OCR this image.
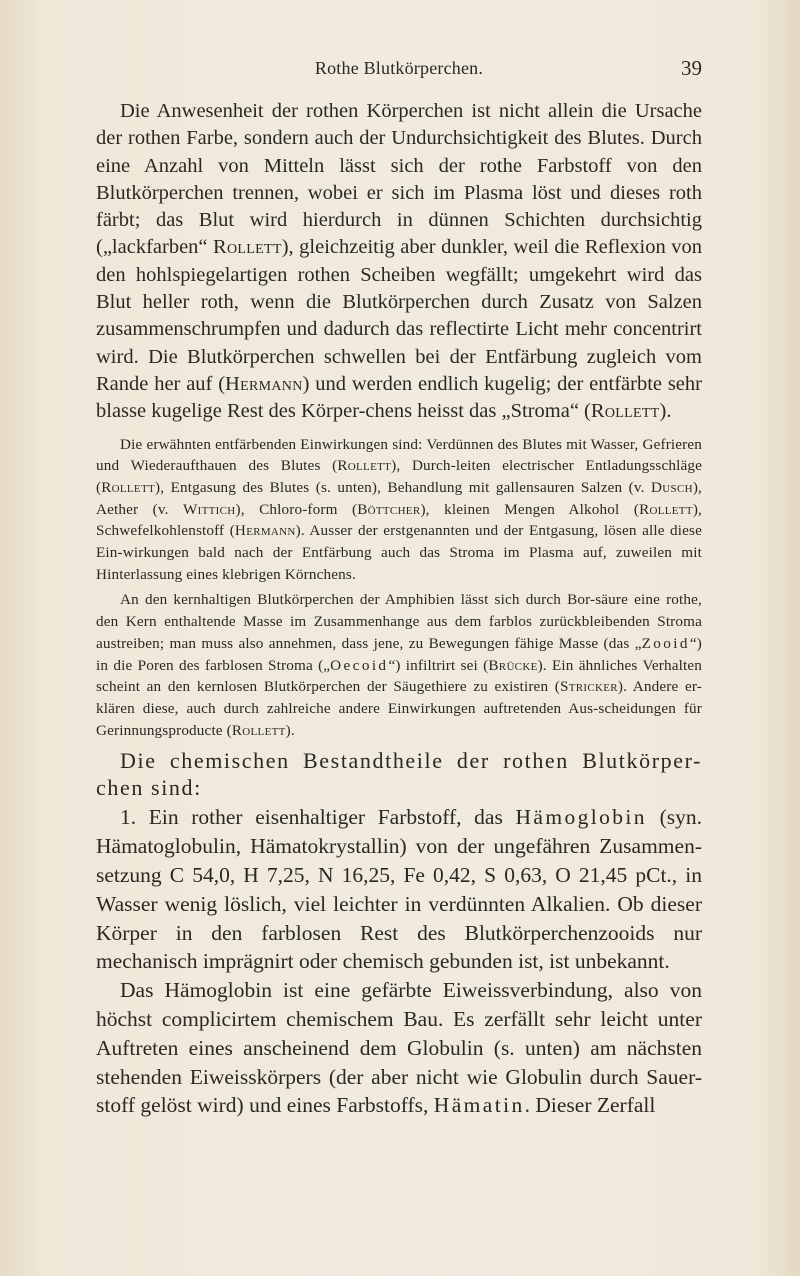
Rothe Blutkörperchen.	39

Die Anwesenheit der rothen Körperchen ist nicht allein die Ursache der rothen Farbe, sondern auch der Undurchsichtigkeit des Blutes. Durch eine Anzahl von Mitteln lässt sich der rothe Farbstoff von den Blutkörperchen trennen, wobei er sich im Plasma löst und dieses roth färbt; das Blut wird hierdurch in dünnen Schichten durchsichtig („lackfarben“ Rollett), gleichzeitig aber dunkler, weil die Reflexion von den hohlspiegelartigen rothen Scheiben wegfällt; umgekehrt wird das Blut heller roth, wenn die Blutkörperchen durch Zusatz von Salzen zusammenschrumpfen und dadurch das reflectirte Licht mehr concentrirt wird. Die Blutkörperchen schwellen bei der Entfärbung zugleich vom Rande her auf (Hermann) und werden endlich kugelig; der entfärbte sehr blasse kugelige Rest des Körper-chens heisst das „Stroma“ (Rollett).

Die erwähnten entfärbenden Einwirkungen sind: Verdünnen des Blutes mit Wasser, Gefrieren und Wiederaufthauen des Blutes (Rollett), Durch-leiten electrischer Entladungsschläge (Rollett), Entgasung des Blutes (s. unten), Behandlung mit gallensauren Salzen (v. Dusch), Aether (v. Wittich), Chloro-form (Böttcher), kleinen Mengen Alkohol (Rollett), Schwefelkohlenstoff (Hermann). Ausser der erstgenannten und der Entgasung, lösen alle diese Ein-wirkungen bald nach der Entfärbung auch das Stroma im Plasma auf, zuweilen mit Hinterlassung eines klebrigen Körnchens.

An den kernhaltigen Blutkörperchen der Amphibien lässt sich durch Bor-säure eine rothe, den Kern enthaltende Masse im Zusammenhange aus dem farblos zurückbleibenden Stroma austreiben; man muss also annehmen, dass jene, zu Bewegungen fähige Masse (das „Zooid“) in die Poren des farblosen Stroma („Oecoid“) infiltrirt sei (Brücke). Ein ähnliches Verhalten scheint an den kernlosen Blutkörperchen der Säugethiere zu existiren (Stricker). Andere er-klären diese, auch durch zahlreiche andere Einwirkungen auftretenden Aus-scheidungen für Gerinnungsproducte (Rollett).

Die chemischen Bestandtheile der rothen Blutkörper-chen sind:

1. Ein rother eisenhaltiger Farbstoff, das Hämoglobin (syn. Hämatoglobulin, Hämatokrystallin) von der ungefähren Zusammen-setzung C 54,0, H 7,25, N 16,25, Fe 0,42, S 0,63, O 21,45 pCt., in Wasser wenig löslich, viel leichter in verdünnten Alkalien. Ob dieser Körper in den farblosen Rest des Blutkörperchenzooids nur mechanisch imprägnirt oder chemisch gebunden ist, ist unbekannt.

Das Hämoglobin ist eine gefärbte Eiweissverbindung, also von höchst complicirtem chemischem Bau. Es zerfällt sehr leicht unter Auftreten eines anscheinend dem Globulin (s. unten) am nächsten stehenden Eiweisskörpers (der aber nicht wie Globulin durch Sauer-stoff gelöst wird) und eines Farbstoffs, Hämatin. Dieser Zerfall
